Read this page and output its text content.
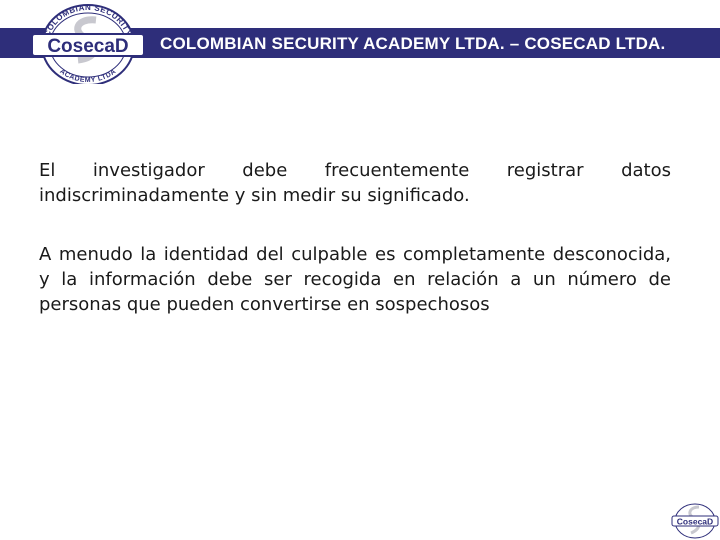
OLOMBIAN SECURIT
ACADEMY LTDA
CosecaD COLOMBIAN SECURITY ACADEMY LTDA. – COSECAD LTDA.
El investigador debe frecuentemente registrar datos indiscriminadamente y sin medir su significado.
A menudo la identidad del culpable es completamente desconocida, y la información debe ser recogida en relación a un número de personas que pueden convertirse en sospechosos
CosecaD
